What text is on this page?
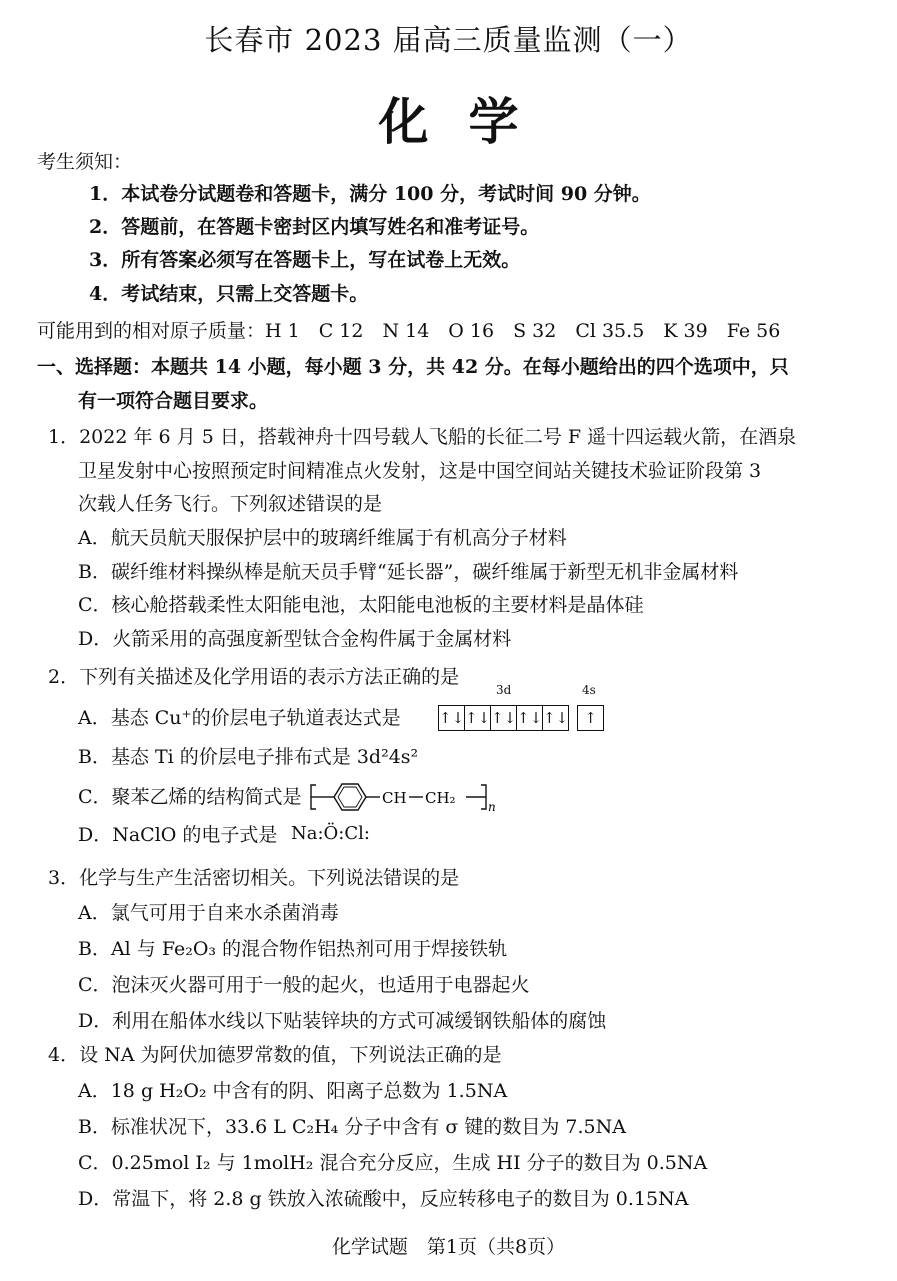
长春市 2023 届高三质量监测（一）
化学
考生须知：
1．本试卷分试题卷和答题卡，满分 100 分，考试时间 90 分钟。
2．答题前，在答题卡密封区内填写姓名和准考证号。
3．所有答案必须写在答题卡上，写在试卷上无效。
4．考试结束，只需上交答题卡。
可能用到的相对原子质量：H 1　C 12　N 14　O 16　S 32　Cl 35.5　K 39　Fe 56
一、选择题：本题共 14 小题，每小题 3 分，共 42 分。在每小题给出的四个选项中，只
有一项符合题目要求。
1．2022 年 6 月 5 日，搭载神舟十四号载人飞船的长征二号 F 遥十四运载火箭，在酒泉
卫星发射中心按照预定时间精准点火发射，这是中国空间站关键技术验证阶段第 3
次载人任务飞行。下列叙述错误的是
A．航天员航天服保护层中的玻璃纤维属于有机高分子材料
B．碳纤维材料操纵棒是航天员手臂“延长器”，碳纤维属于新型无机非金属材料
C．核心舱搭载柔性太阳能电池，太阳能电池板的主要材料是晶体硅
D．火箭采用的高强度新型钛合金构件属于金属材料
2．下列有关描述及化学用语的表示方法正确的是
A．基态 Cu⁺的价层电子轨道表达式是
3d	4s
↑↓ ↑↓ ↑↓ ↑↓ ↑↓	↑
B．基态 Ti 的价层电子排布式是 3d²4s²
C．聚苯乙烯的结构简式是	CH CH₂	n
D．NaClO 的电子式是 Na:Ö:Cl:
3．化学与生产生活密切相关。下列说法错误的是
A．氯气可用于自来水杀菌消毒
B．Al 与 Fe₂O₃ 的混合物作铝热剂可用于焊接铁轨
C．泡沫灭火器可用于一般的起火，也适用于电器起火
D．利用在船体水线以下贴装锌块的方式可减缓钢铁船体的腐蚀
4．设 NA 为阿伏加德罗常数的值，下列说法正确的是
A．18 g H₂O₂ 中含有的阴、阳离子总数为 1.5NA
B．标准状况下，33.6 L C₂H₄ 分子中含有 σ 键的数目为 7.5NA
C．0.25mol I₂ 与 1molH₂ 混合充分反应，生成 HI 分子的数目为 0.5NA
D．常温下，将 2.8 g 铁放入浓硫酸中，反应转移电子的数目为 0.15NA
化学试题　第1页（共8页）
